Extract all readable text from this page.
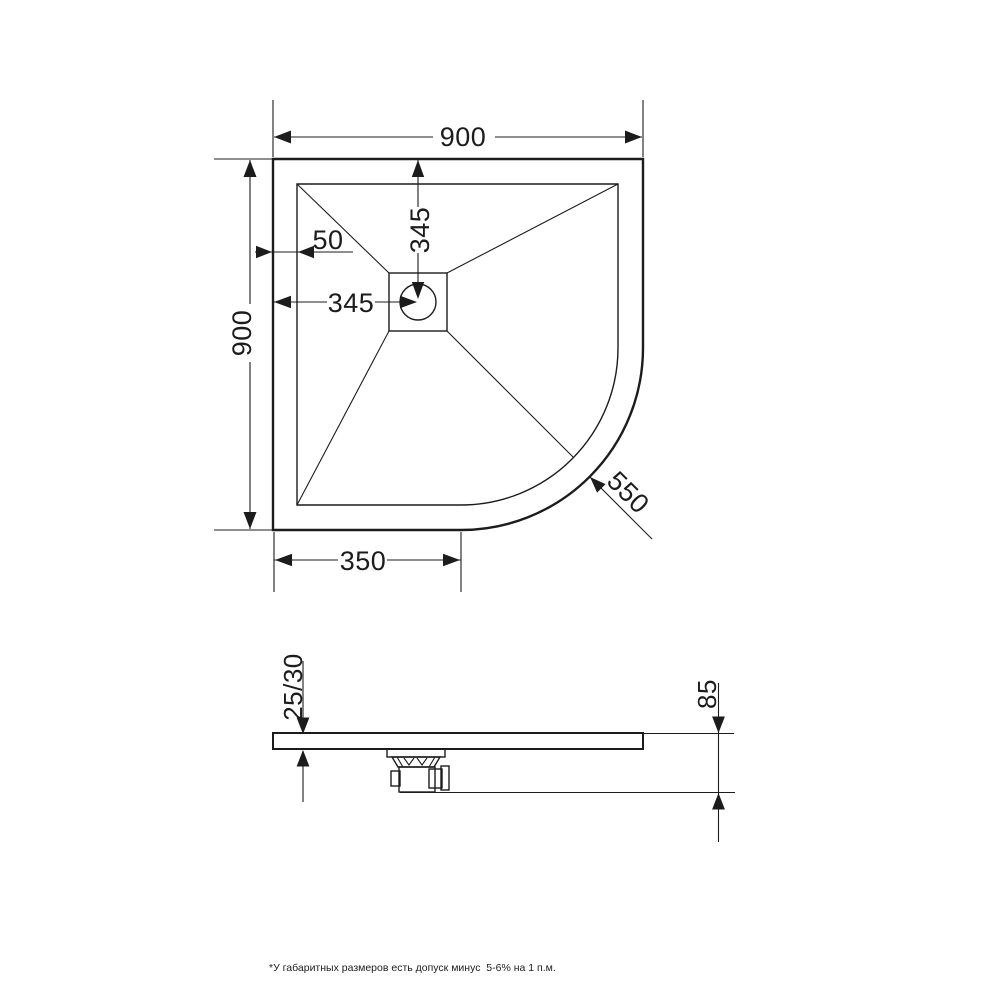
900
900
50
345
345
350
550
25/30	85
*У габаритных размеров есть допуск минус  5-6% на 1 п.м.
